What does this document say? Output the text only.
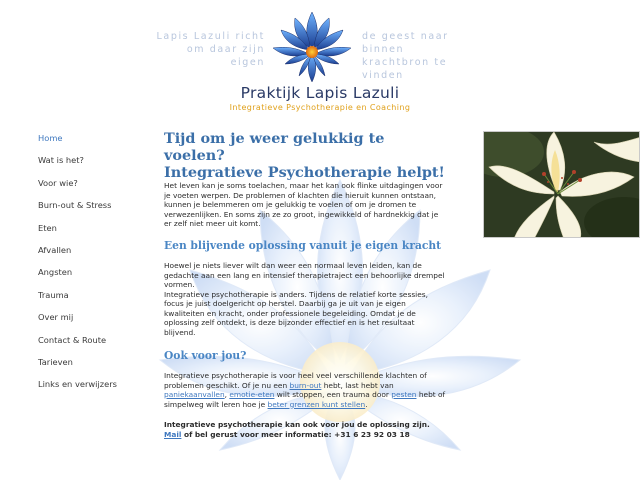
Lapis Lazuli richt
om daar zijn eigen
de geest naar binnen
krachtbron te vinden
Praktijk Lapis Lazuli
Integratieve Psychotherapie en Coaching
Home
Wat is het?
Voor wie?
Burn-out & Stress
Eten
Afvallen
Angsten
Trauma
Over mij
Contact & Route
Tarieven
Links en verwijzers
Tijd om je weer gelukkig te voelen?
Integratieve Psychotherapie helpt!

Het leven kan je soms toelachen, maar het kan ook flinke uitdagingen voor

je voeten werpen. De problemen of klachten die hieruit kunnen ontstaan,

kunnen je belemmeren om je gelukkig te voelen of om je dromen te

verwezenlijken. En soms zijn ze zo groot, ingewikkeld of hardnekkig dat je

er zelf niet meer uit komt.

Een blijvende oplossing vanuit je eigen kracht

Hoewel je niets liever wilt dan weer een normaal leven leiden, kan de

gedachte aan een lang en intensief therapietraject een behoorlijke drempel

vormen.

Integratieve psychotherapie is anders. Tijdens de relatief korte sessies,

focus je juist doelgericht op herstel. Daarbij ga je uit van je eigen

kwaliteiten en kracht, onder professionele begeleiding. Omdat je de

oplossing zelf ontdekt, is deze bijzonder effectief en is het resultaat

blijvend.

Ook voor jou?

Integratieve psychotherapie is voor heel veel verschillende klachten of

problemen geschikt. Of je nu een burn-out hebt, last hebt van

paniekaanvallen, emotie-eten wilt stoppen, een trauma door pesten hebt of

simpelweg wilt leren hoe je beter grenzen kunt stellen.

Integratieve psychotherapie kan ook voor jou de oplossing zijn.

Mail of bel gerust voor meer informatie: +31 6 23 92 03 18
